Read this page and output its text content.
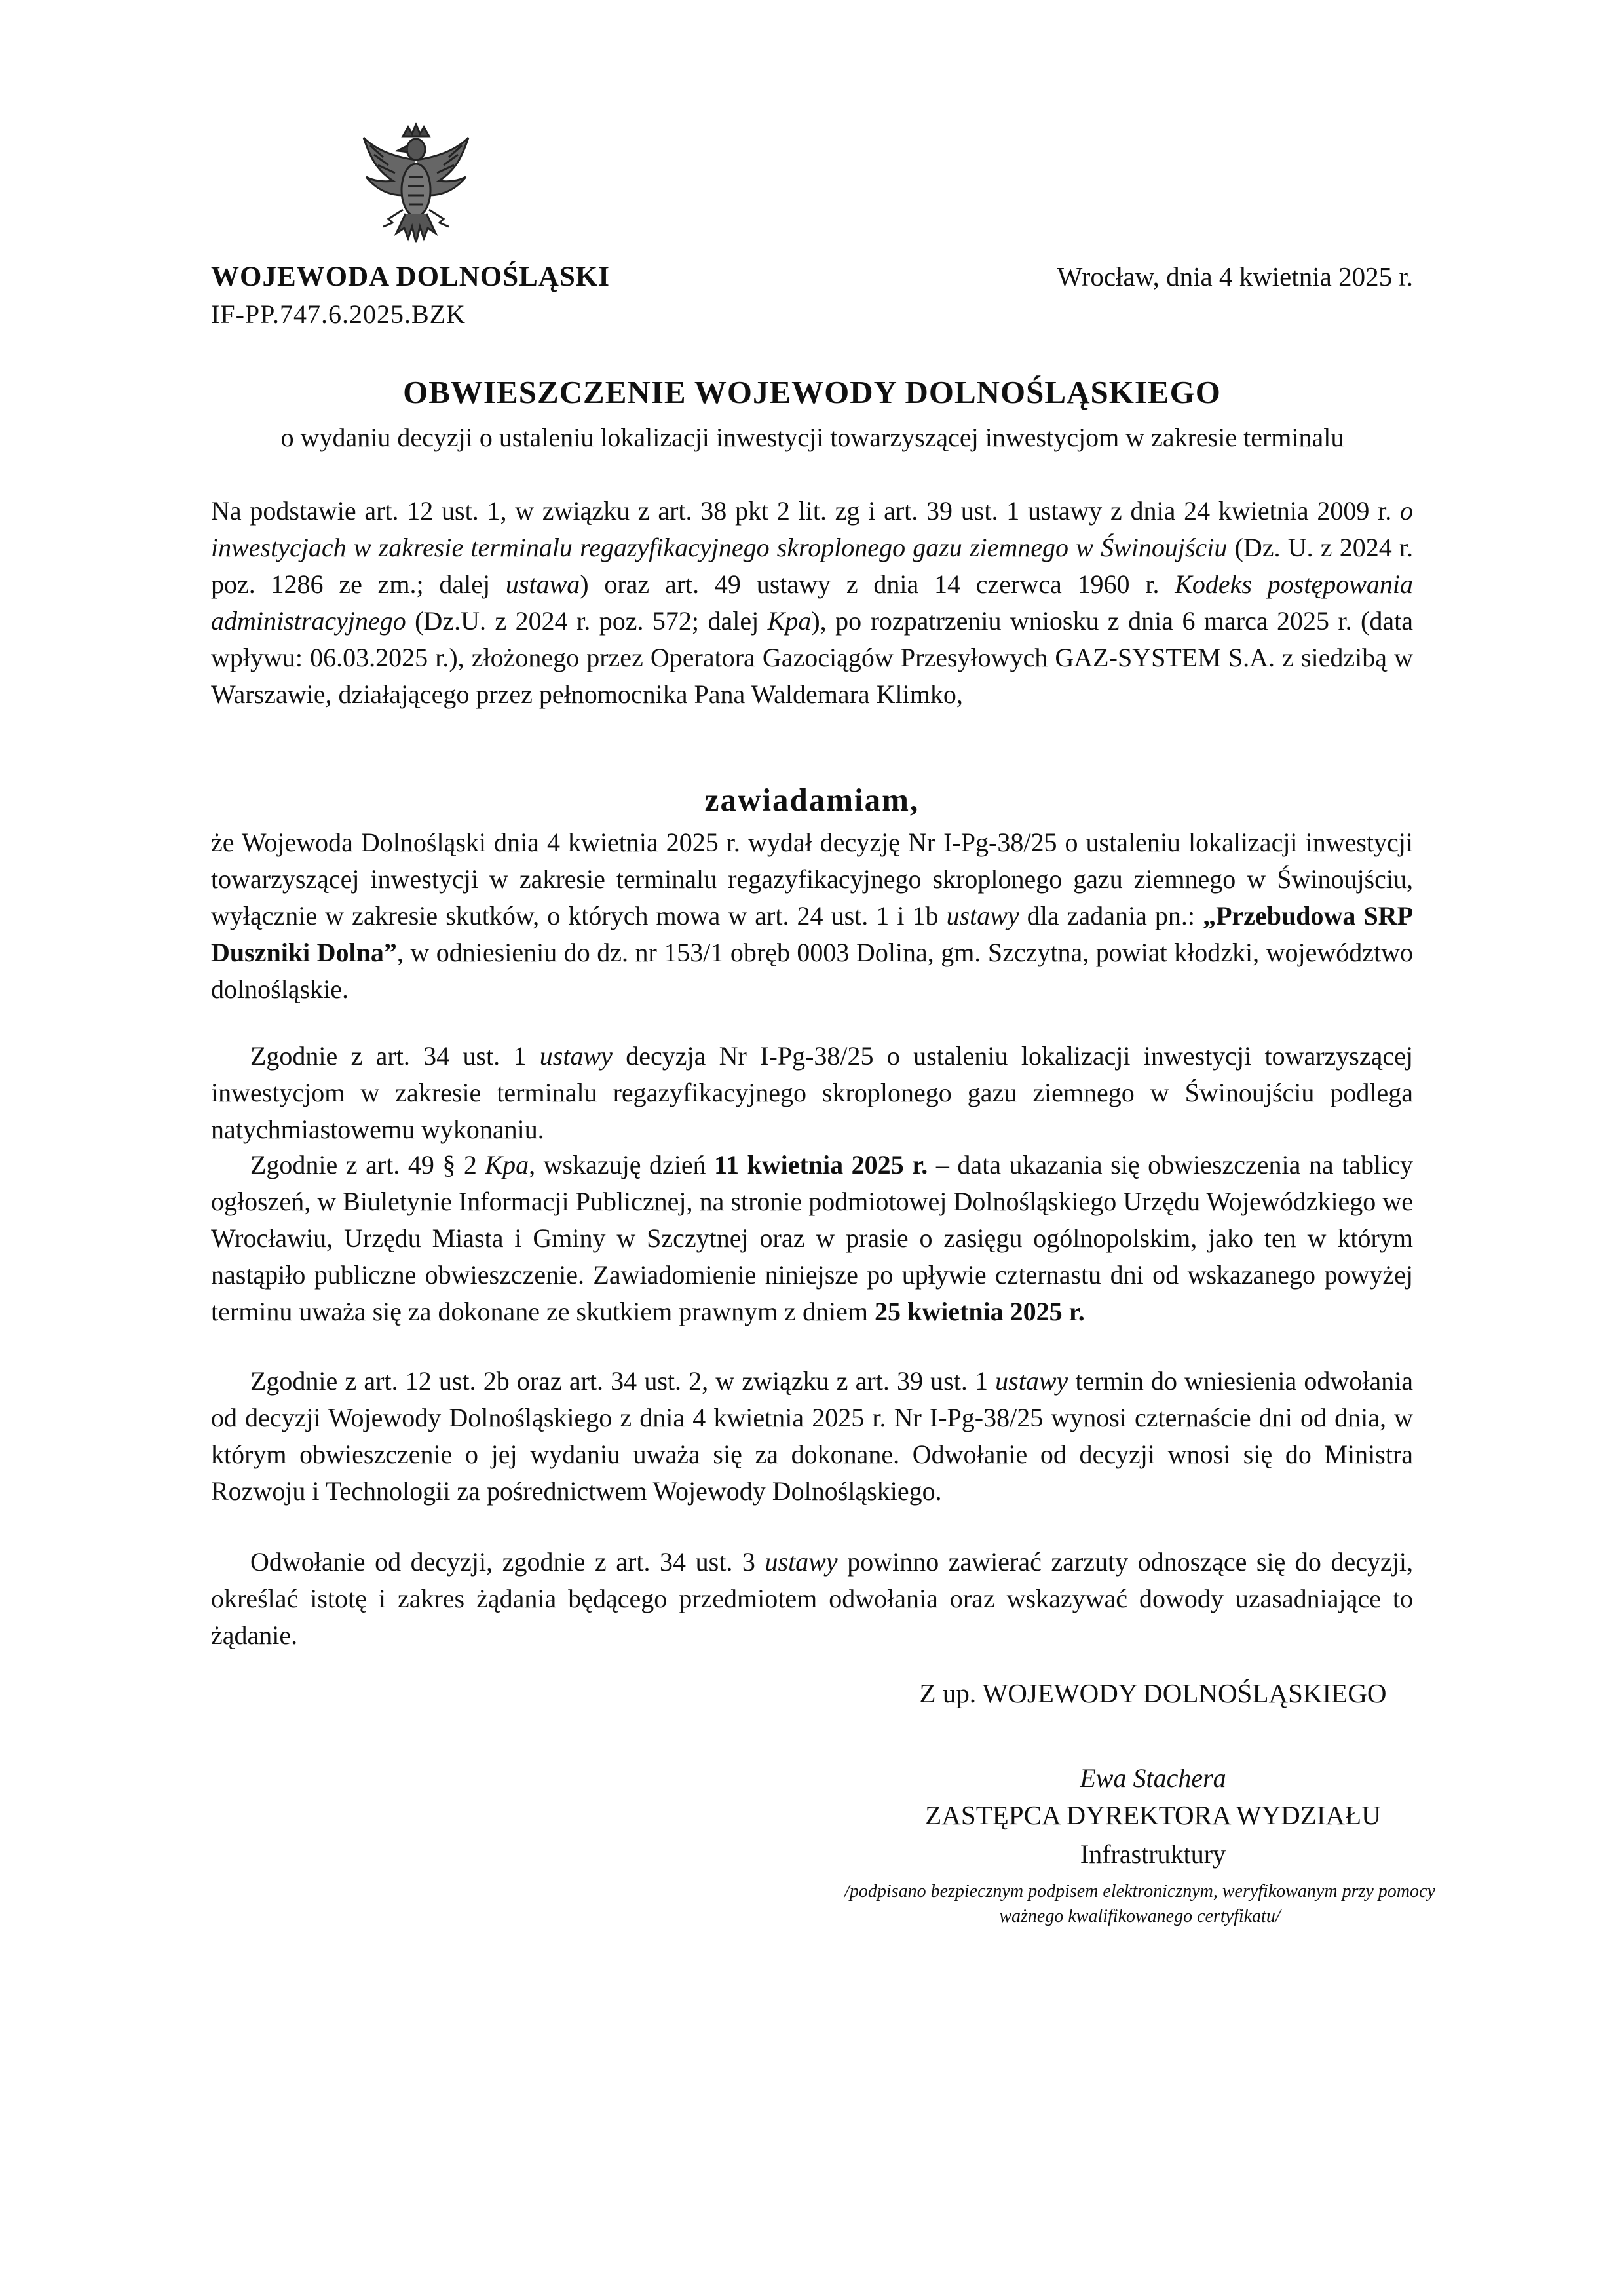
WOJEWODA DOLNOŚLĄSKI
IF-PP.747.6.2025.BZK
Wrocław, dnia 4 kwietnia 2025 r.
OBWIESZCZENIE WOJEWODY DOLNOŚLĄSKIEGO
o wydaniu decyzji o ustaleniu lokalizacji inwestycji towarzyszącej inwestycjom w zakresie terminalu
Na podstawie art. 12 ust. 1, w związku z art. 38 pkt 2 lit. zg i art. 39 ust. 1 ustawy z dnia 24 kwietnia 2009 r. o inwestycjach w zakresie terminalu regazyfikacyjnego skroplonego gazu ziemnego w Świnoujściu (Dz. U. z 2024 r. poz. 1286 ze zm.; dalej ustawa) oraz art. 49 ustawy z dnia 14 czerwca 1960 r. Kodeks postępowania administracyjnego (Dz.U. z 2024 r. poz. 572; dalej Kpa), po rozpatrzeniu wniosku z dnia 6 marca 2025 r. (data wpływu: 06.03.2025 r.), złożonego przez Operatora Gazociągów Przesyłowych GAZ-SYSTEM S.A. z siedzibą w Warszawie, działającego przez pełnomocnika Pana Waldemara Klimko,
zawiadamiam,
że Wojewoda Dolnośląski dnia 4 kwietnia 2025 r. wydał decyzję Nr I-Pg-38/25 o ustaleniu lokalizacji inwestycji towarzyszącej inwestycji w zakresie terminalu regazyfikacyjnego skroplonego gazu ziemnego w Świnoujściu, wyłącznie w zakresie skutków, o których mowa w art. 24 ust. 1 i 1b ustawy dla zadania pn.: „Przebudowa SRP Duszniki Dolna”, w odniesieniu do dz. nr 153/1 obręb 0003 Dolina, gm. Szczytna, powiat kłodzki, województwo dolnośląskie.
Zgodnie z art. 34 ust. 1 ustawy decyzja Nr I-Pg-38/25 o ustaleniu lokalizacji inwestycji towarzyszącej inwestycjom w zakresie terminalu regazyfikacyjnego skroplonego gazu ziemnego w Świnoujściu podlega natychmiastowemu wykonaniu.
Zgodnie z art. 49 § 2 Kpa, wskazuję dzień 11 kwietnia 2025 r. – data ukazania się obwieszczenia na tablicy ogłoszeń, w Biuletynie Informacji Publicznej, na stronie podmiotowej Dolnośląskiego Urzędu Wojewódzkiego we Wrocławiu, Urzędu Miasta i Gminy w Szczytnej oraz w prasie o zasięgu ogólnopolskim, jako ten w którym nastąpiło publiczne obwieszczenie. Zawiadomienie niniejsze po upływie czternastu dni od wskazanego powyżej terminu uważa się za dokonane ze skutkiem prawnym z dniem 25 kwietnia 2025 r.
Zgodnie z art. 12 ust. 2b oraz art. 34 ust. 2, w związku z art. 39 ust. 1 ustawy termin do wniesienia odwołania od decyzji Wojewody Dolnośląskiego z dnia 4 kwietnia 2025 r. Nr I-Pg-38/25 wynosi czternaście dni od dnia, w którym obwieszczenie o jej wydaniu uważa się za dokonane. Odwołanie od decyzji wnosi się do Ministra Rozwoju i Technologii za pośrednictwem Wojewody Dolnośląskiego.
Odwołanie od decyzji, zgodnie z art. 34 ust. 3 ustawy powinno zawierać zarzuty odnoszące się do decyzji, określać istotę i zakres żądania będącego przedmiotem odwołania oraz wskazywać dowody uzasadniające to żądanie.
Z up. WOJEWODY DOLNOŚLĄSKIEGO
Ewa Stachera
ZASTĘPCA DYREKTORA WYDZIAŁU
Infrastruktury
/podpisano bezpiecznym podpisem elektronicznym, weryfikowanym przy pomocy ważnego kwalifikowanego certyfikatu/
